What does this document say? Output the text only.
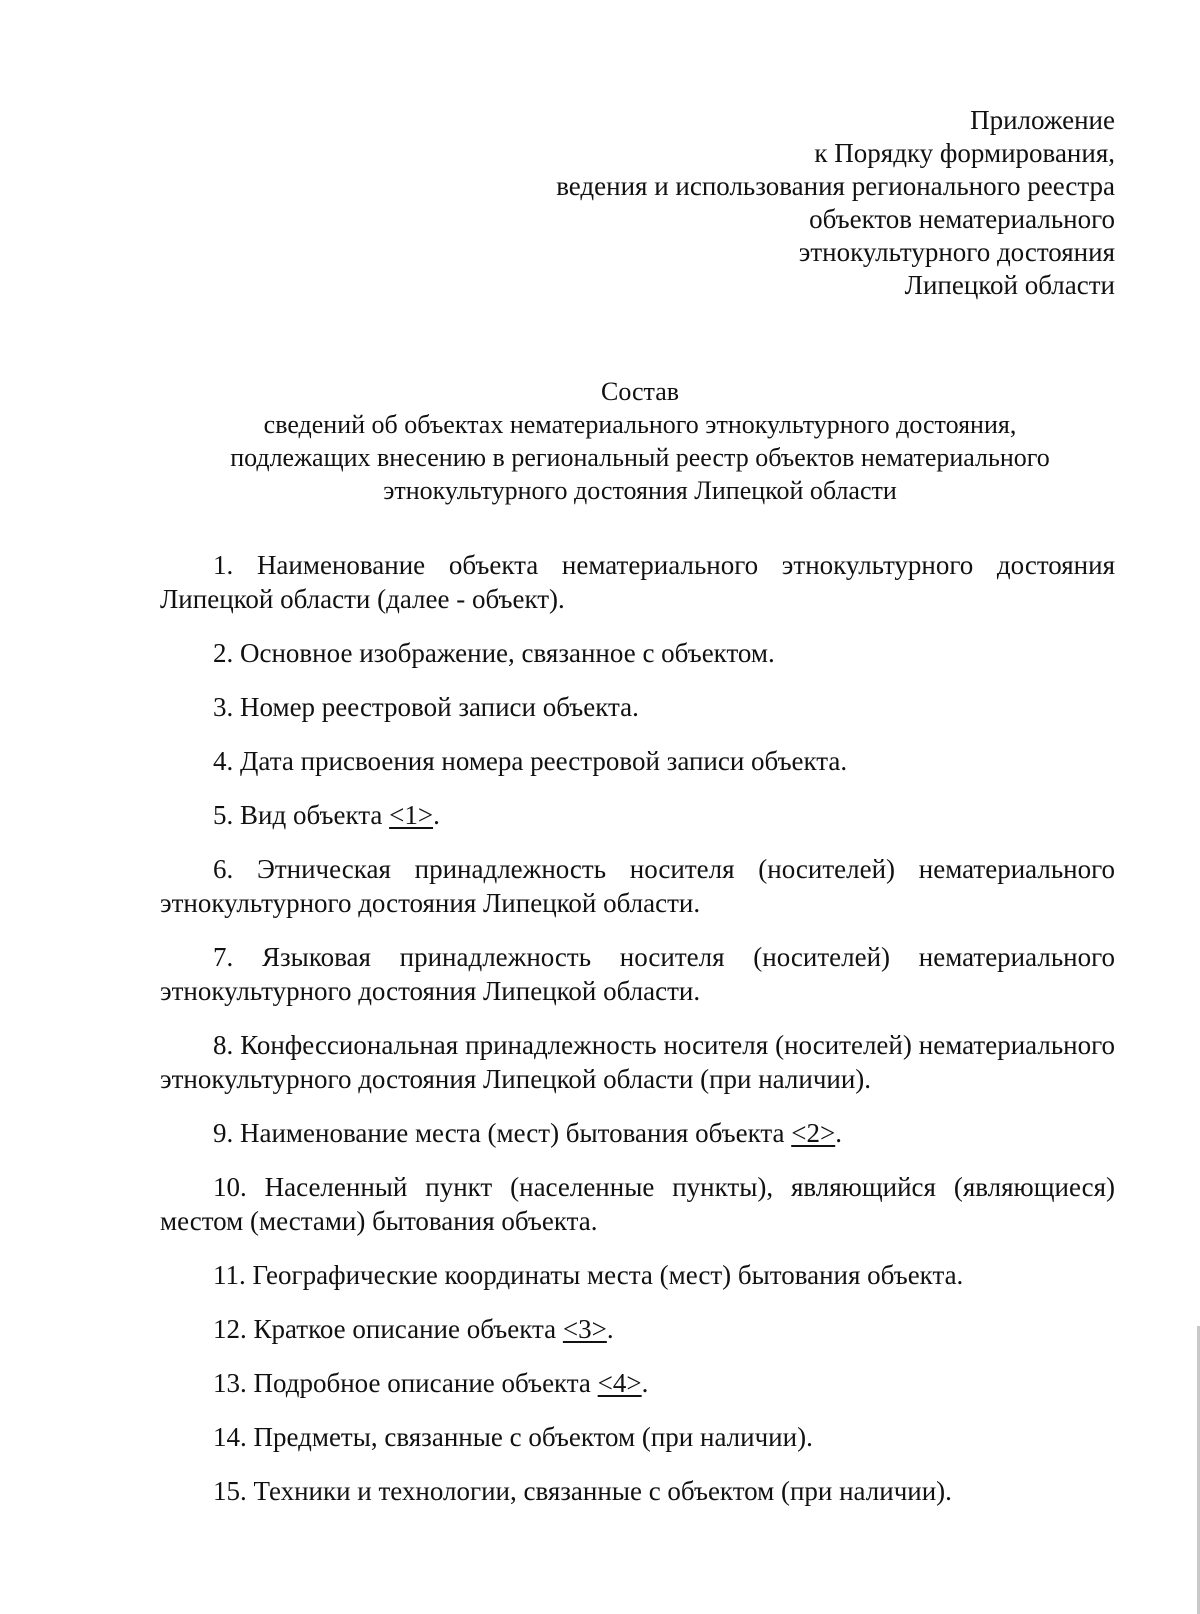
Приложение
к Порядку формирования,
ведения и использования регионального реестра
объектов нематериального
этнокультурного достояния
Липецкой области
Состав
сведений об объектах нематериального этнокультурного достояния,
подлежащих внесению в региональный реестр объектов нематериального
этнокультурного достояния Липецкой области

1. Наименование объекта нематериального этнокультурного достояния Липецкой области (далее - объект).

2. Основное изображение, связанное с объектом.

3. Номер реестровой записи объекта.

4. Дата присвоения номера реестровой записи объекта.

5. Вид объекта <1>.

6. Этническая принадлежность носителя (носителей) нематериального этнокультурного достояния Липецкой области.

7. Языковая принадлежность носителя (носителей) нематериального этнокультурного достояния Липецкой области.

8. Конфессиональная принадлежность носителя (носителей) нематериального этнокультурного достояния Липецкой области (при наличии).

9. Наименование места (мест) бытования объекта <2>.

10. Населенный пункт (населенные пункты), являющийся (являющиеся) местом (местами) бытования объекта.

11. Географические координаты места (мест) бытования объекта.

12. Краткое описание объекта <3>.

13. Подробное описание объекта <4>.

14. Предметы, связанные с объектом (при наличии).

15. Техники и технологии, связанные с объектом (при наличии).
